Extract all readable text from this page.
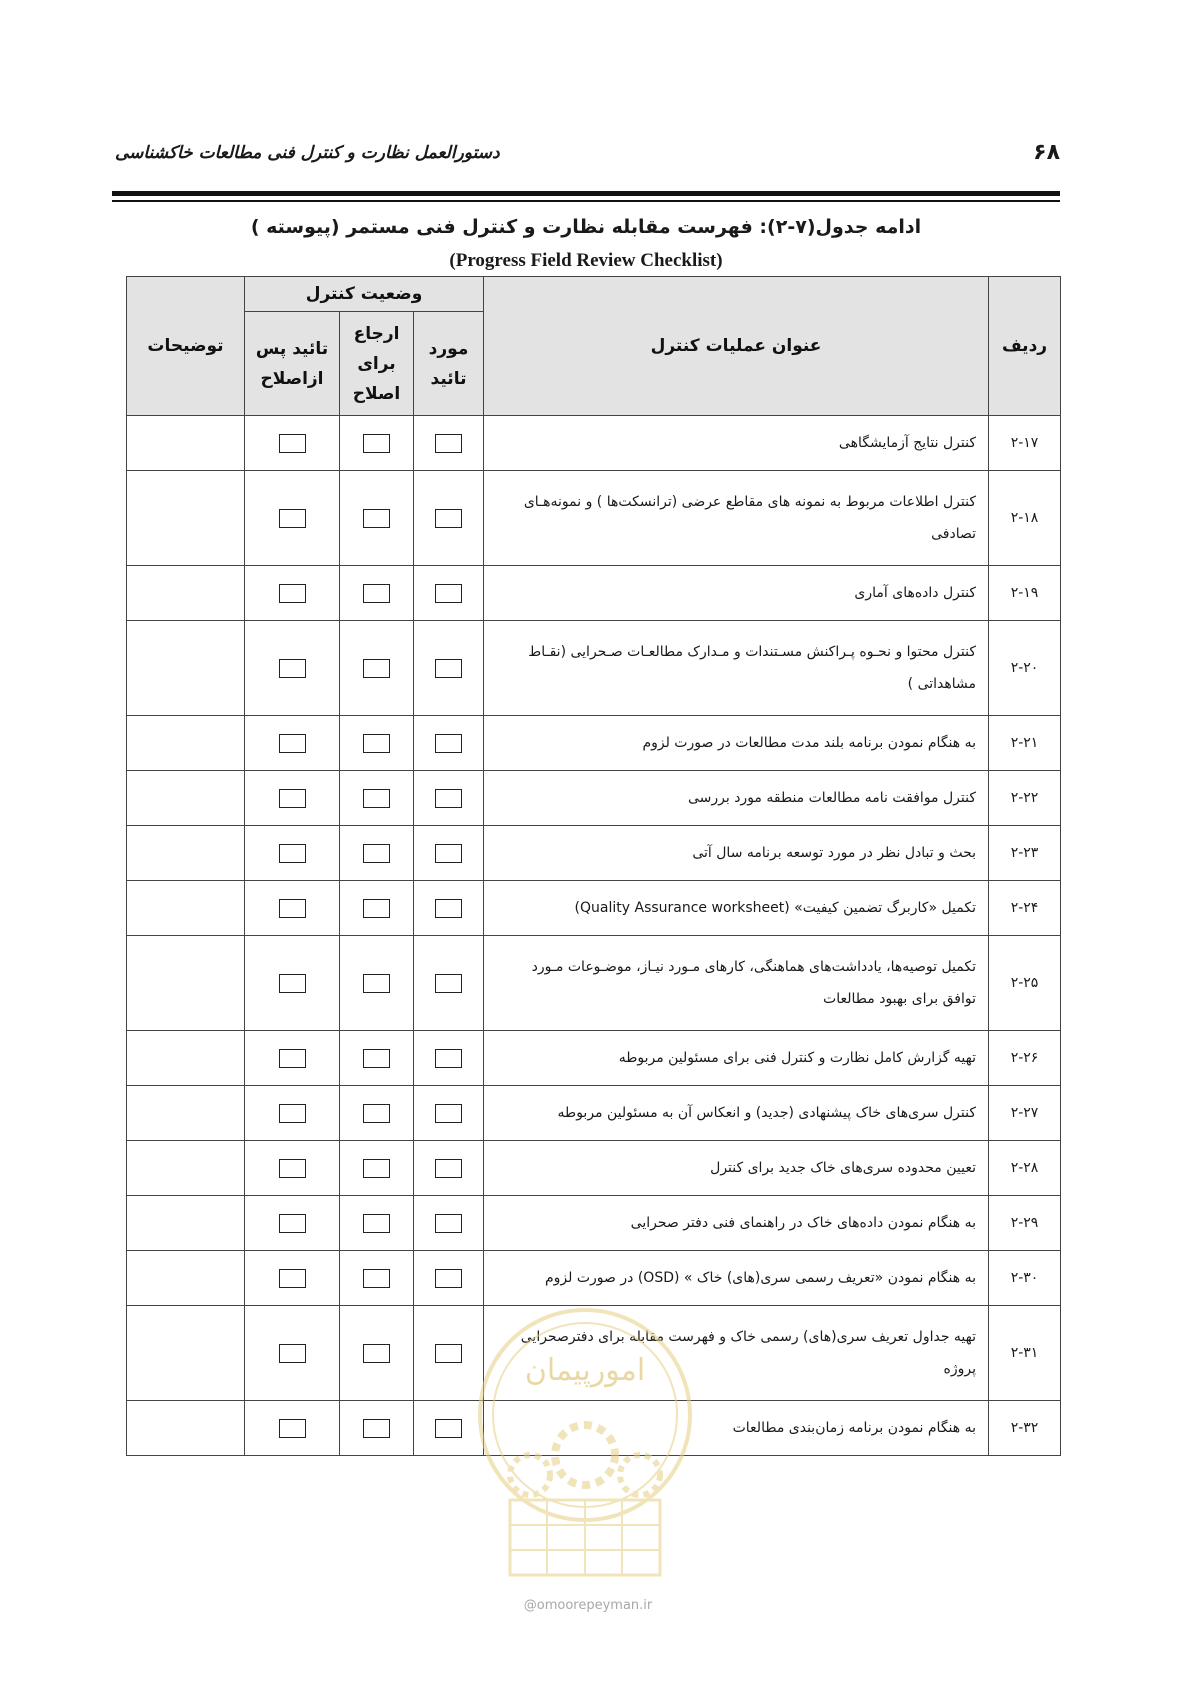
۶۸
دستورالعمل نظارت و کنترل فنی مطالعات خاکشناسی
ادامه جدول(۷-۲): فهرست مقابله نظارت و کنترل فنی مستمر (پیوسته )
(Progress Field Review Checklist)
ردیف	عنوان عملیات کنترل	وضعیت کنترل			توضیحات
		مورد تائید	ارجاع برای اصلاح	تائید پس ازاصلاح	
۲-۱۷	کنترل نتایج آزمایشگاهی				
۲-۱۸	کنترل اطلاعات مربوط به نمونه های مقاطع عرضی (ترانسکت‌ها ) و نمونه‌هـای تصادفی				
۲-۱۹	کنترل داده‌های آماری				
۲-۲۰	کنترل محتوا و نحـوه پـراکنش مسـتندات و مـدارک مطالعـات صـحرایی (نقـاط مشاهداتی )				
۲-۲۱	به هنگام نمودن برنامه بلند مدت مطالعات در صورت لزوم				
۲-۲۲	کنترل موافقت نامه مطالعات منطقه مورد بررسی				
۲-۲۳	بحث و تبادل نظر در مورد توسعه برنامه سال آتی				
۲-۲۴	تکمیل «کاربرگ تضمین کیفیت» (Quality Assurance worksheet)				
۲-۲۵	تکمیل توصیه‌ها، یادداشت‌های هماهنگی، کارهای مـورد نیـاز، موضـوعات مـورد توافق برای بهبود مطالعات				
۲-۲۶	تهیه گزارش کامل نظارت و کنترل فنی برای مسئولین مربوطه				
۲-۲۷	کنترل سری‌های خاک پیشنهادی (جدید) و انعکاس آن به مسئولین مربوطه				
۲-۲۸	تعیین محدوده سری‌های خاک جدید برای کنترل				
۲-۲۹	به هنگام نمودن داده‌های خاک در راهنمای فنی دفتر صحرایی				
۲-۳۰	به هنگام نمودن «تعریف رسمی سری(های) خاک » (OSD) در صورت لزوم				
۲-۳۱	تهیه جداول تعریف سری(های) رسمی خاک و فهرست مقابله برای دفترصحرایی پروژه				
۲-۳۲	به هنگام نمودن برنامه زمان‌بندی مطالعات				
امورپیمان
@omoorepeyman.ir
